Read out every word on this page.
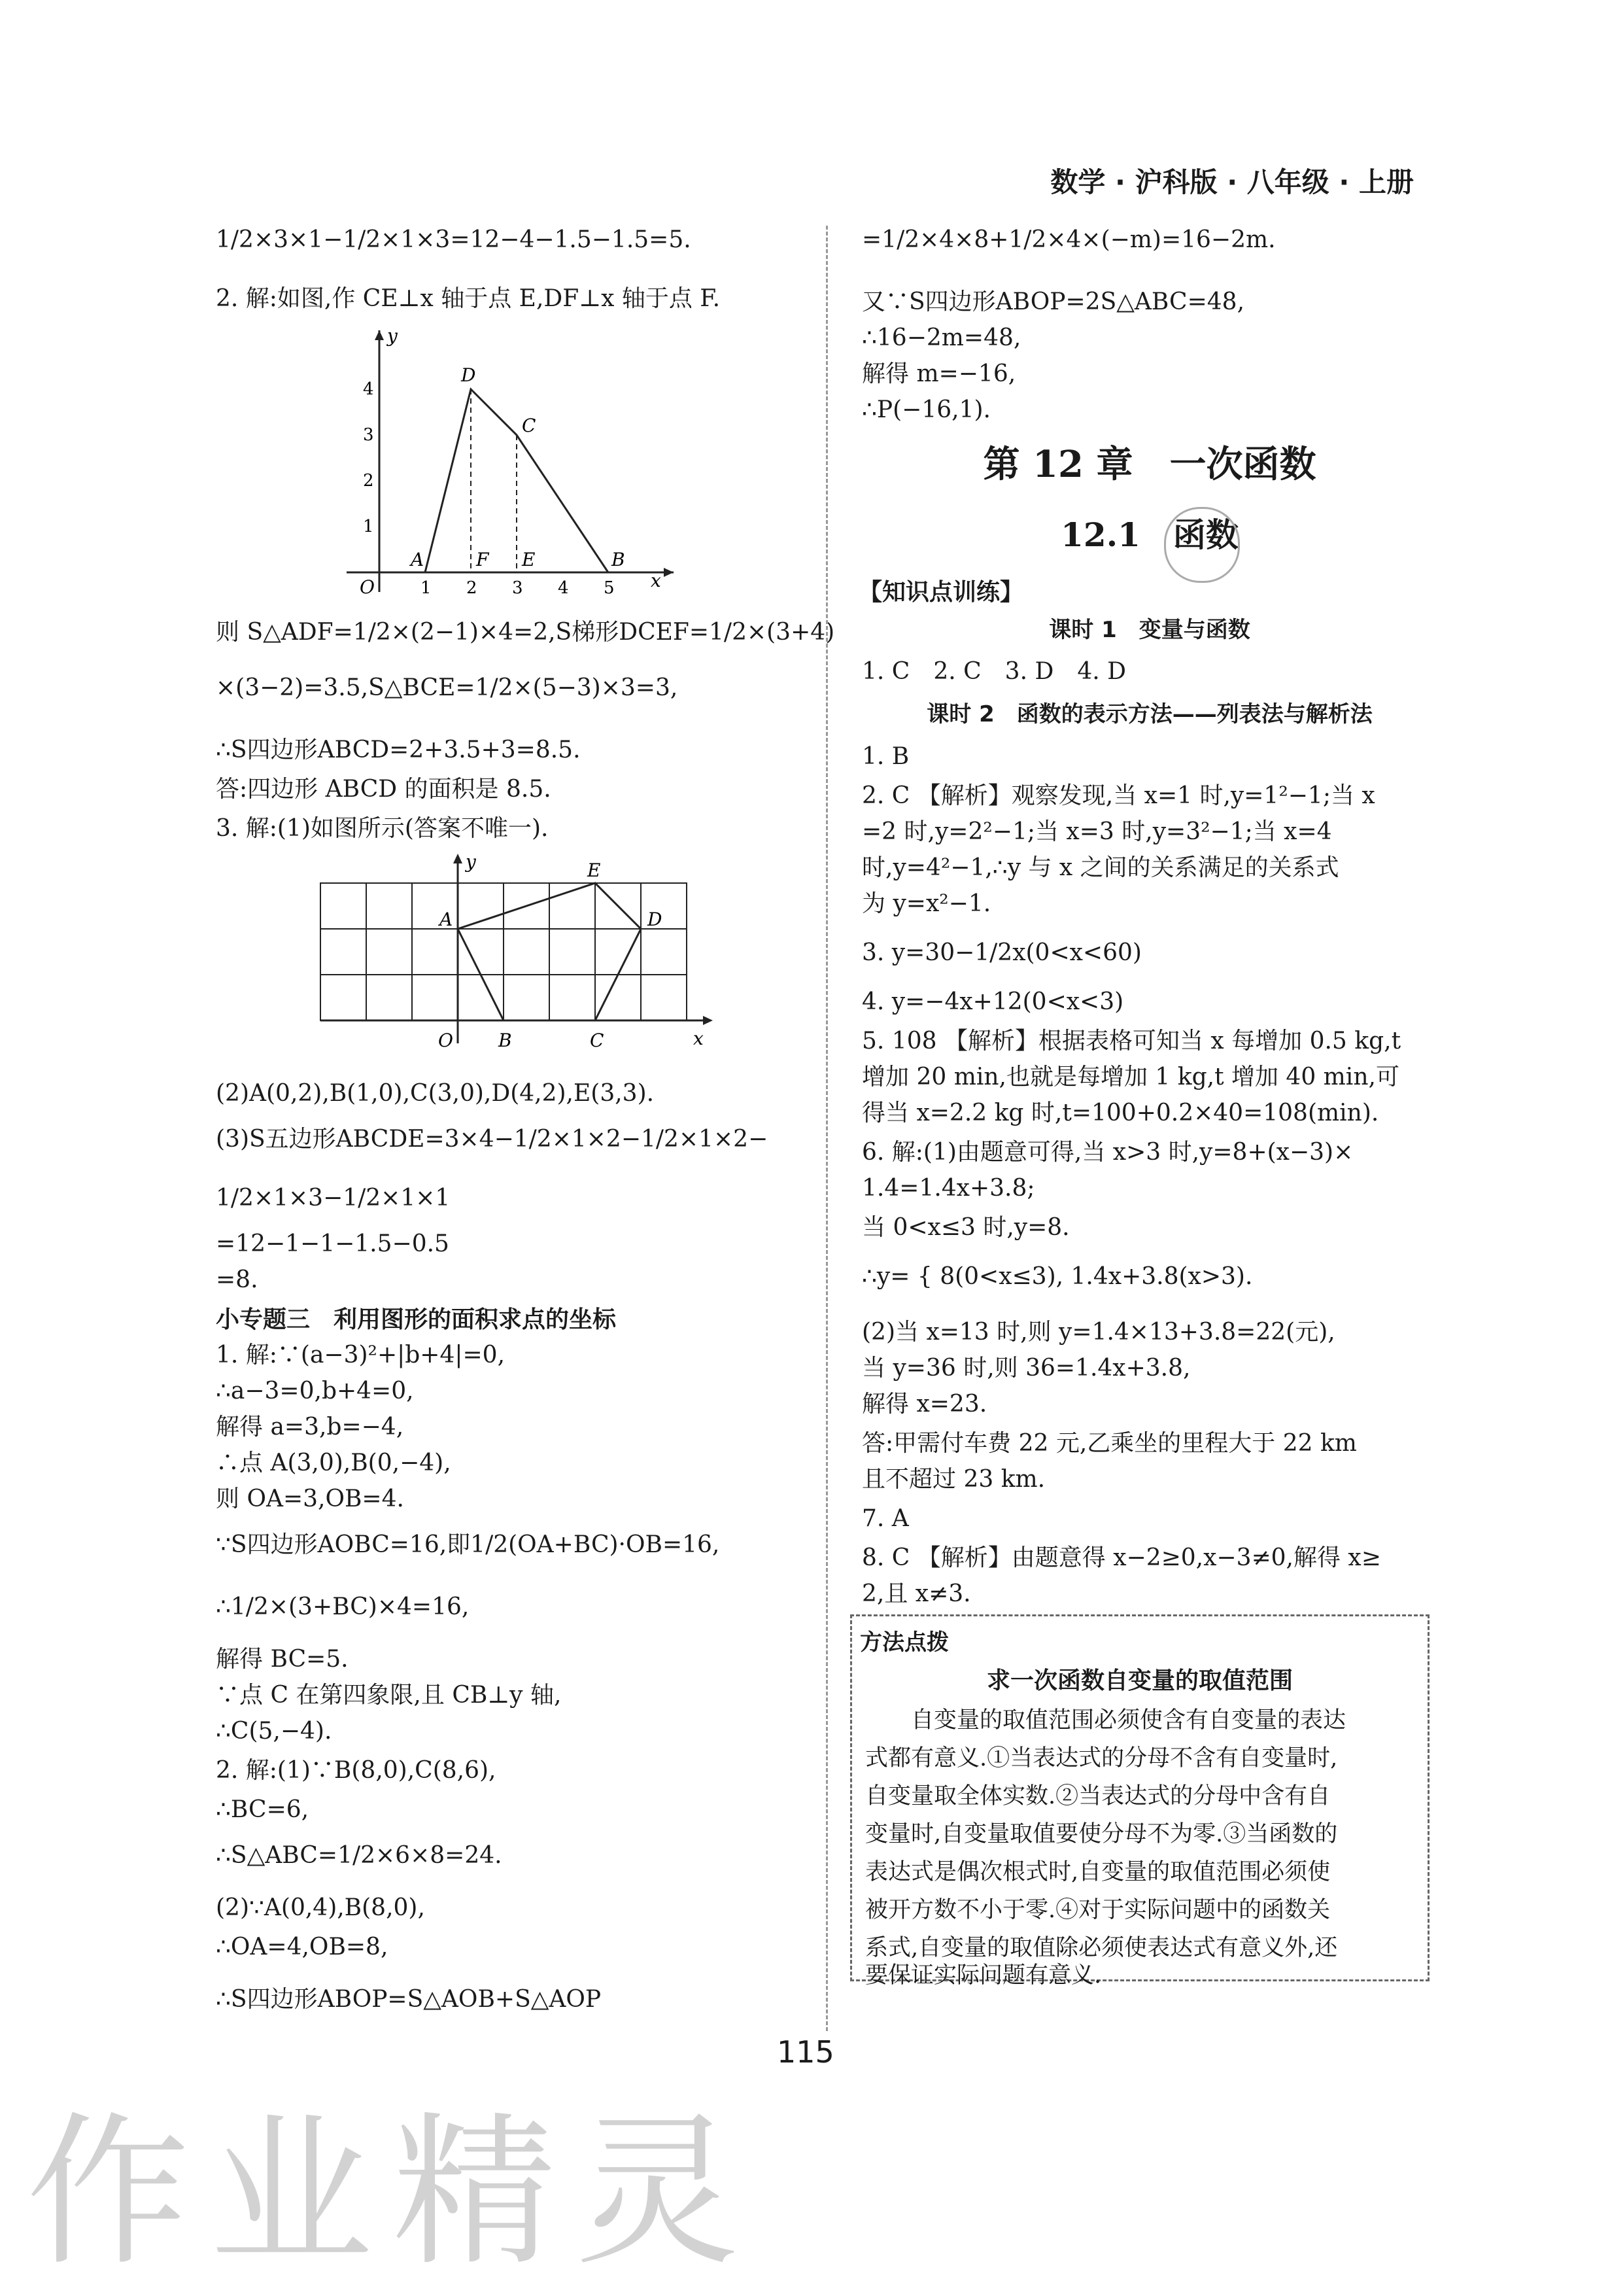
数学 · 沪科版 · 八年级 · 上册
1/2×3×1−1/2×1×3=12−4−1.5−1.5=5.
2. 解:如图,作 CE⊥x 轴于点 E,DF⊥x 轴于点 F.
x
y
O	1 2 3 4 5
1
2
3
4
A	F E	B
D
C
则 S△ADF=1/2×(2−1)×4=2,S梯形DCEF=1/2×(3+4)
×(3−2)=3.5,S△BCE=1/2×(5−3)×3=3,
∴S四边形ABCD=2+3.5+3=8.5.
答:四边形 ABCD 的面积是 8.5.
3. 解:(1)如图所示(答案不唯一).
x
y
O
A
B	C
D
E
(2)A(0,2),B(1,0),C(3,0),D(4,2),E(3,3).
(3)S五边形ABCDE=3×4−1/2×1×2−1/2×1×2−
1/2×1×3−1/2×1×1
=12−1−1−1.5−0.5
=8.
小专题三　利用图形的面积求点的坐标
1. 解:∵(a−3)²+|b+4|=0,
∴a−3=0,b+4=0,
解得 a=3,b=−4,
∴点 A(3,0),B(0,−4),
则 OA=3,OB=4.
∵S四边形AOBC=16,即1/2(OA+BC)·OB=16,
∴1/2×(3+BC)×4=16,
解得 BC=5.
∵点 C 在第四象限,且 CB⊥y 轴,
∴C(5,−4).
2. 解:(1)∵B(8,0),C(8,6),
∴BC=6,
∴S△ABC=1/2×6×8=24.
(2)∵A(0,4),B(8,0),
∴OA=4,OB=8,
∴S四边形ABOP=S△AOB+S△AOP
=1/2×4×8+1/2×4×(−m)=16−2m.
又∵S四边形ABOP=2S△ABC=48,
∴16−2m=48,
解得 m=−16,
∴P(−16,1).
第 12 章　一次函数
12.1　函数
【知识点训练】
课时 1　变量与函数
1. C　2. C　3. D　4. D
课时 2　函数的表示方法——列表法与解析法
1. B
2. C 【解析】观察发现,当 x=1 时,y=1²−1;当 x
=2 时,y=2²−1;当 x=3 时,y=3²−1;当 x=4
时,y=4²−1,∴y 与 x 之间的关系满足的关系式
为 y=x²−1.
3. y=30−1/2x(0<x<60)
4. y=−4x+12(0<x<3)
5. 108 【解析】根据表格可知当 x 每增加 0.5 kg,t
增加 20 min,也就是每增加 1 kg,t 增加 40 min,可
得当 x=2.2 kg 时,t=100+0.2×40=108(min).
6. 解:(1)由题意可得,当 x>3 时,y=8+(x−3)×
1.4=1.4x+3.8;
当 0<x≤3 时,y=8.
∴y= { 8(0<x≤3), 1.4x+3.8(x>3).
(2)当 x=13 时,则 y=1.4×13+3.8=22(元),
当 y=36 时,则 36=1.4x+3.8,
解得 x=23.
答:甲需付车费 22 元,乙乘坐的里程大于 22 km
且不超过 23 km.
7. A
8. C 【解析】由题意得 x−2≥0,x−3≠0,解得 x≥
2,且 x≠3.
方法点拨
求一次函数自变量的取值范围
　　自变量的取值范围必须使含有自变量的表达
式都有意义.①当表达式的分母不含有自变量时,
自变量取全体实数.②当表达式的分母中含有自
变量时,自变量取值要使分母不为零.③当函数的
表达式是偶次根式时,自变量的取值范围必须使
被开方数不小于零.④对于实际问题中的函数关
系式,自变量的取值除必须使表达式有意义外,还
要保证实际问题有意义.
115
作业精灵
